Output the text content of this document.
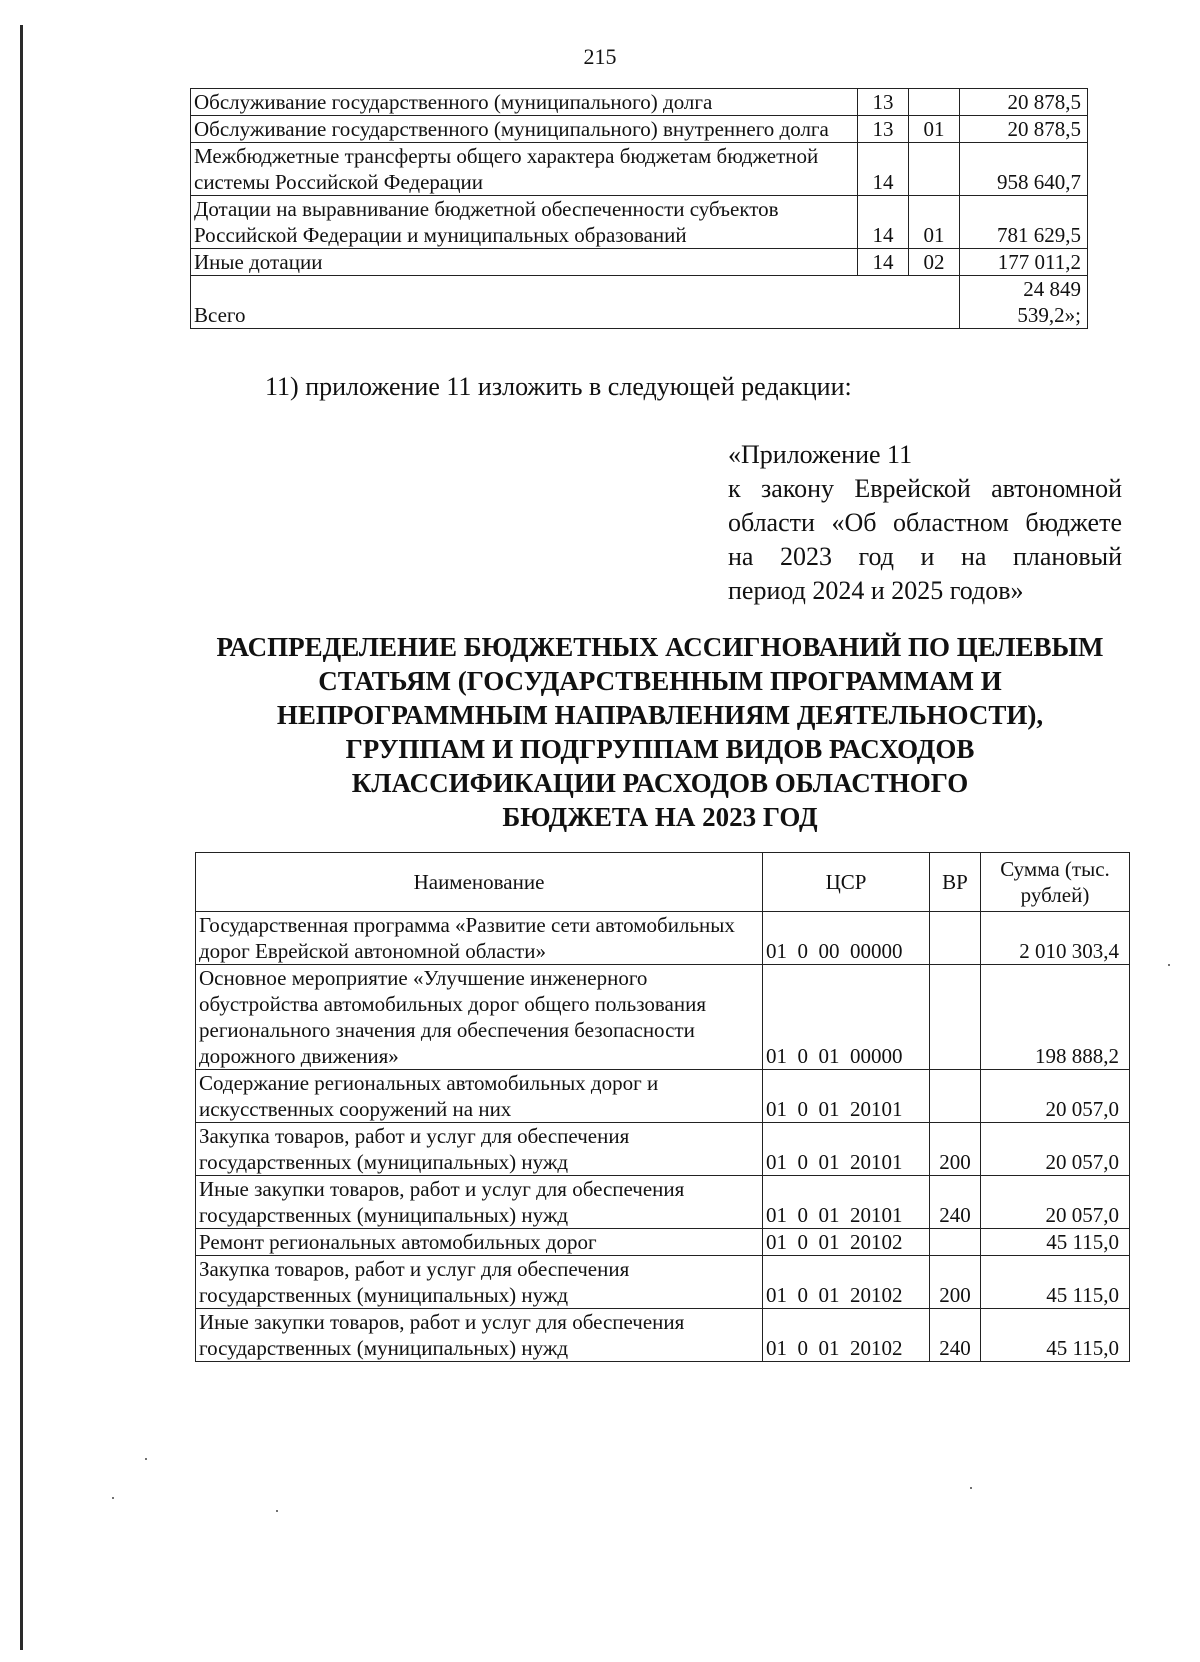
215
Обслуживание государственного (муниципального) долга	13		20 878,5
Обслуживание государственного (муниципального) внутреннего долга	13	01	20 878,5
Межбюджетные трансферты общего характера бюджетам бюджетной системы Российской Федерации	14		958 640,7
Дотации на выравнивание бюджетной обеспеченности субъектов Российской Федерации и муниципальных образований	14	01	781 629,5
Иные дотации	14	02	177 011,2
Всего			24 849 539,2»;
11) приложение 11 изложить в следующей редакции:
«Приложение 11
к закону Еврейской автономной
области «Об областном бюджете
на 2023 год и на плановый
период 2024 и 2025 годов»
РАСПРЕДЕЛЕНИЕ БЮДЖЕТНЫХ АССИГНОВАНИЙ ПО ЦЕЛЕВЫМ
СТАТЬЯМ (ГОСУДАРСТВЕННЫМ ПРОГРАММАМ И
НЕПРОГРАММНЫМ НАПРАВЛЕНИЯМ ДЕЯТЕЛЬНОСТИ),
ГРУППАМ И ПОДГРУППАМ ВИДОВ РАСХОДОВ
КЛАССИФИКАЦИИ РАСХОДОВ ОБЛАСТНОГО
БЮДЖЕТА НА 2023 ГОД
Наименование	ЦСР	ВР	Сумма (тыс. рублей)
Государственная программа «Развитие сети автомобильных дорог Еврейской автономной области»	01  0  00  00000		2 010 303,4
Основное мероприятие «Улучшение инженерного обустройства автомобильных дорог общего пользования регионального значения для обеспечения безопасности дорожного движения»	01  0  01  00000		198 888,2
Содержание региональных автомобильных дорог и искусственных сооружений на них	01  0  01  20101		20 057,0
Закупка товаров, работ и услуг для обеспечения государственных (муниципальных) нужд	01  0  01  20101	200	20 057,0
Иные закупки товаров, работ и услуг для обеспечения государственных (муниципальных) нужд	01  0  01  20101	240	20 057,0
Ремонт региональных автомобильных дорог	01  0  01  20102		45 115,0
Закупка товаров, работ и услуг для обеспечения государственных (муниципальных) нужд	01  0  01  20102	200	45 115,0
Иные закупки товаров, работ и услуг для обеспечения государственных (муниципальных) нужд	01  0  01  20102	240	45 115,0
